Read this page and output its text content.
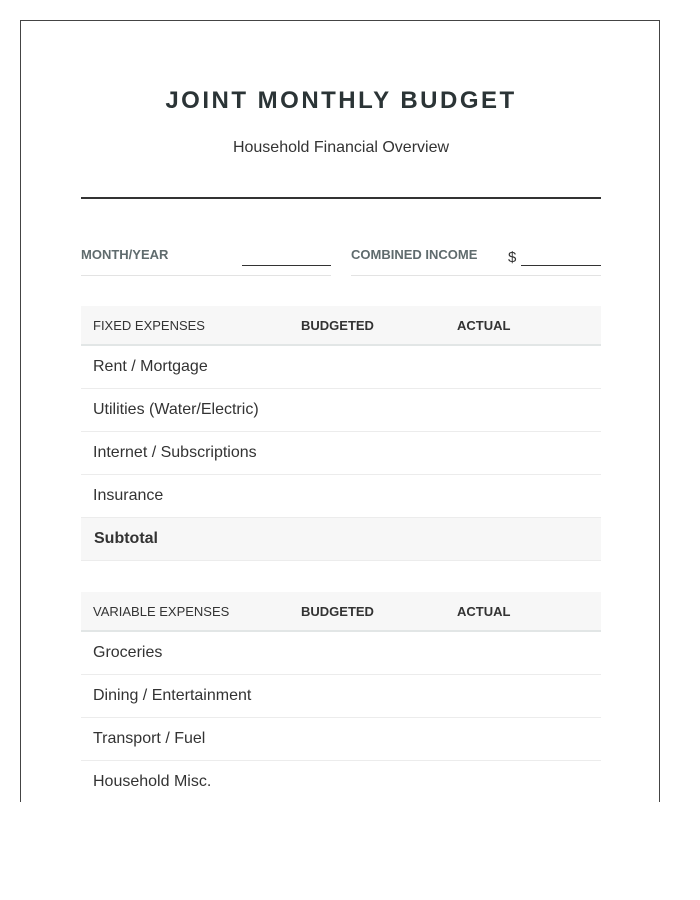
JOINT MONTHLY BUDGET
Household Financial Overview
MONTH/YEAR	COMBINED INCOME $
FIXED EXPENSES	BUDGETED	ACTUAL
Rent / Mortgage
Utilities (Water/Electric)
Internet / Subscriptions
Insurance
Subtotal
VARIABLE EXPENSES	BUDGETED	ACTUAL
Groceries
Dining / Entertainment
Transport / Fuel
Household Misc.
